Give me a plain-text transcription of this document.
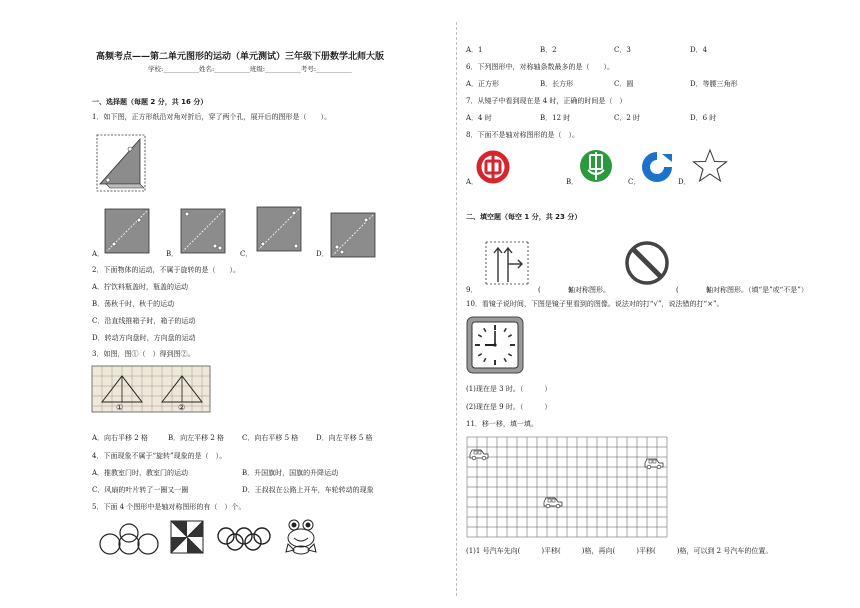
高频考点——第二单元图形的运动（单元测试）三年级下册数学北师大版
学校:___________姓名:___________班级:___________考号:___________
一、选择题（每题 2 分，共 16 分）
1．如下图，正方形纸沿对角对折后，穿了两个孔，展开后的图形是（　　）。
A．	B．	C．	D．
2．下面物体的运动，不属于旋转的是（　　）。
A．拧饮料瓶盖时，瓶盖的运动
B．荡秋千时，秋千的运动
C．沿直线推箱子时，箱子的运动
D．转动方向盘时，方向盘的运动
3．如图，图①（　）得到图②。
①	②
A．向右平移 2 格	B．向左平移 2 格	C．向右平移 5 格	D．向左平移 5 格
4．下面现象不属于“旋转”现象的是（　）。
A．推教室门时，教室门的运动	B．升国旗时，国旗的升降运动
C．风扇的叶片转了一圈又一圈	D．王叔叔在公路上开车，车轮转动的现象
5．下面 4 个图形中是轴对称图形的有（　）个。
A．1	B．2	C．3	D．4
6．下列图形中，对称轴条数最多的是（　　）。
A．正方形	B．长方形	C．圆	D．等腰三角形
7．从镜子中看到现在是 4 时，正确的时间是（　）
A．4 时	B．12 时	C．2 时	D．6 时
8．下面不是轴对称图形的是（　）。
A．	B．	C．	D．
二、填空题（每空 1 分，共 23 分）
9．	(　　　　)
轴对称图形。	(　　　　)
轴对称图形。（填“是”或“不是”）
10．看镜子说时间，下图是镜子里看到的图像。说法对的打“√”，说法错的打“×”。
(1)现在是 3 时。（　　　）
(2)现在是 9 时。（　　　）
11．移一移，填一填。
(1)1 号汽车先向(　　　)平移(　　　)格，再向(　　　)平移(　　　)格，可以到 2 号汽车的位置。
